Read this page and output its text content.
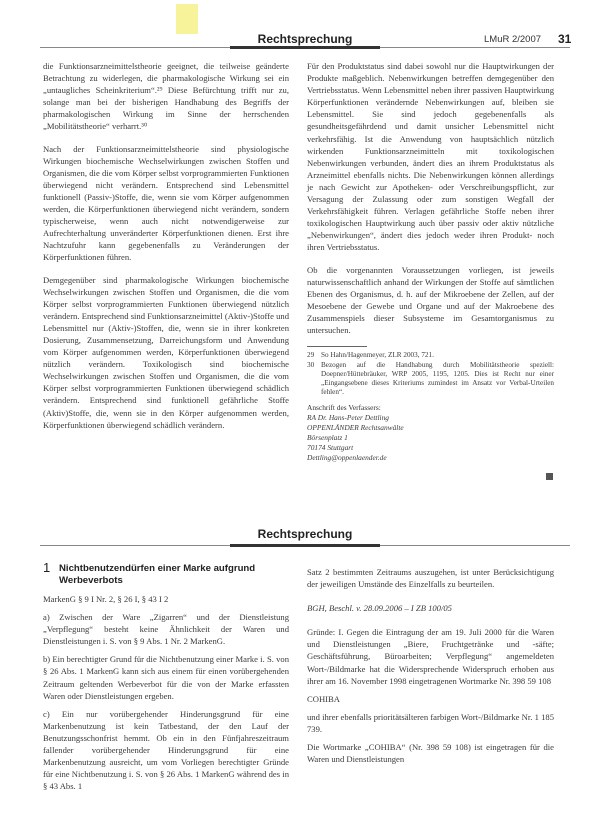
Rechtsprechung	LMuR 2/2007 31

die Funktionsarzneimittelstheorie geeignet, die teilweise geänderte Betrachtung zu widerlegen, die pharmakologische Wirkung sei ein „untaugliches Scheinkriterium“.²⁹ Diese Befürchtung trifft nur zu, solange man bei der bisherigen Handhabung des Begriffs der pharmakologischen Wirkung im Sinne der herrschenden „Mobilitätstheorie“ verharrt.³⁰

Nach der Funktionsarzneimittelstheorie sind physiologische Wirkungen biochemische Wechselwirkungen zwischen Stoffen und Organismen, die die vom Körper selbst vorprogrammierten Funktionen überwiegend nicht verändern. Entsprechend sind Lebensmittel funktionell (Passiv-)Stoffe, die, wenn sie vom Körper aufgenommen werden, die Körperfunktionen überwiegend nicht verändern, sondern typischerweise, wenn auch nicht notwendigerweise zur Aufrechterhaltung unveränderter Körperfunktionen dienen. Erst ihre Nachtzufuhr kann gegebenenfalls zu Veränderungen der Körperfunktionen führen.

Demgegenüber sind pharmakologische Wirkungen biochemische Wechselwirkungen zwischen Stoffen und Organismen, die die vom Körper selbst vorprogrammierten Funktionen überwiegend nützlich verändern. Entsprechend sind Funktionsarzneimittel (Aktiv-)Stoffe und Lebensmittel nur (Aktiv-)Stoffen, die, wenn sie in ihrer konkreten Dosierung, Zusammensetzung, Darreichungsform und Anwendung vom Körper aufgenommen werden, Körperfunktionen überwiegend nützlich verändern. Toxikologisch sind biochemische Wechselwirkungen zwischen Stoffen und Organismen, die die vom Körper selbst vorprogrammierten Funktionen überwiegend schädlich verändern. Entsprechend sind funktionell gefährliche Stoffe (Aktiv)Stoffe, die, wenn sie in den Körper aufgenommen werden, Körperfunktionen überwiegend schädlich verändern.

Für den Produktstatus sind dabei sowohl nur die Hauptwirkungen der Produkte maßgeblich. Nebenwirkungen betreffen demgegenüber den Vertriebsstatus. Wenn Lebensmittel neben ihrer passiven Hauptwirkung Körperfunktionen verändernde Nebenwirkungen auf, bleiben sie Lebensmittel. Sie sind jedoch gegebenenfalls als gesundheitsgefährdend und damit unsicher Lebensmittel nicht verkehrsfähig. Ist die Anwendung von hauptsächlich nützlich wirkenden Funktionsarzneimitteln mit toxikologischen Nebenwirkungen verbunden, ändert dies an ihrem Produktstatus als Arzneimittel ebenfalls nichts. Die Nebenwirkungen können allerdings je nach Gewicht zur Apotheken- oder Verschreibungspflicht, zur Versagung der Zulassung oder zum sonstigen Wegfall der Verkehrsfähigkeit führen. Verlagen gefährliche Stoffe neben ihrer toxikologischen Hauptwirkung auch über passiv oder aktiv nützliche „Nebenwirkungen“, ändert dies jedoch weder ihren Produkt- noch ihren Vertriebsstatus.

Ob die vorgenannten Voraussetzungen vorliegen, ist jeweils naturwissenschaftlich anhand der Wirkungen der Stoffe auf sämtlichen Ebenen des Organismus, d. h. auf der Mikroebene der Zellen, auf der Mesoebene der Gewebe und Organe und auf der Makroebene des Zusammenspiels dieser Subsysteme im Gesamtorganismus zu untersuchen.

29 So Hahn/Hagenmeyer, ZLR 2003, 721.
30 Bezogen auf die Handhabung durch Mobilitätstheorie speziell: Doepner/Hüttebräuker, WRP 2005, 1195, 1205. Dies ist Recht nur einer „Eingangsebene dieses Kriteriums zumindest im Ansatz vor Verbal-Urteilen fehlen“.
Anschrift des Verfassers:
RA Dr. Hans-Peter Dettling
OPPENLÄNDER Rechtsanwälte
Börsenplatz 1
70174 Stuttgart
Dettling@oppenlaender.de
Rechtsprechung
1 Nichtbenutzendürfen einer Marke aufgrund Werbeverbots

MarkenG § 9 I Nr. 2, § 26 I, § 43 I 2

a) Zwischen der Ware „Zigarren“ und der Dienstleistung „Verpflegung“ besteht keine Ähnlichkeit der Waren und Dienstleistungen i. S. von § 9 Abs. 1 Nr. 2 MarkenG.

b) Ein berechtigter Grund für die Nichtbenutzung einer Marke i. S. von § 26 Abs. 1 MarkenG kann sich aus einem für einen vorübergehenden Zeitraum geltenden Werbeverbot für die von der Marke erfassten Waren oder Dienstleistungen ergeben.

c) Ein nur vorübergehender Hinderungsgrund für eine Markenbenutzung ist kein Tatbestand, der den Lauf der Benutzungsschonfrist hemmt. Ob ein in den Fünfjahreszeitraum fallender vorübergehender Hinderungsgrund für eine Markenbenutzung ausreicht, um vom Vorliegen berechtigter Gründe für eine Nichtbenutzung i. S. von § 26 Abs. 1 MarkenG während des in § 43 Abs. 1

Satz 2 bestimmten Zeitraums auszugehen, ist unter Berücksichtigung der jeweiligen Umstände des Einzelfalls zu beurteilen.

BGH, Beschl. v. 28.09.2006 – I ZB 100/05

Gründe: I. Gegen die Eintragung der am 19. Juli 2000 für die Waren und Dienstleistungen „Biere, Fruchtgetränke und -säfte; Geschäftsführung, Büroarbeiten; Verpflegung“ angemeldeten Wort-/Bildmarke hat die Widersprechende Widerspruch erhoben aus ihrer am 16. November 1998 eingetragenen Wortmarke Nr. 398 59 108

COHIBA

und ihrer ebenfalls prioritätsälteren farbigen Wort-/Bildmarke Nr. 1 185 739.

Die Wortmarke „COHIBA“ (Nr. 398 59 108) ist eingetragen für die Waren und Dienstleistungen
